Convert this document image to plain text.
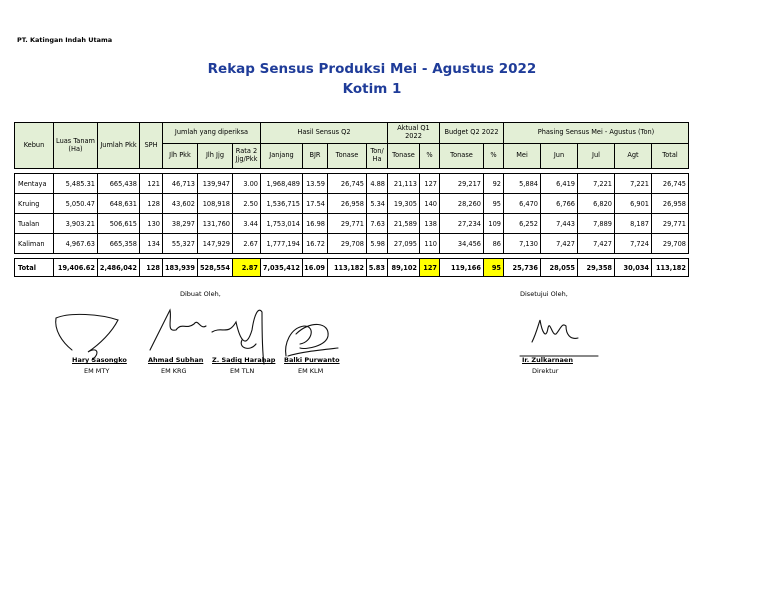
PT. Katingan Indah Utama
Rekap Sensus Produksi Mei - Agustus 2022
Kotim 1
Kebun	Luas Tanam (Ha)	Jumlah Pkk	SPH	Jumlah yang diperiksa			Hasil Sensus Q2				Aktual Q1 2022		Budget Q2 2022		Phasing Sensus Mei - Agustus (Ton)				
				Jlh Pkk	Jlh Jjg	Rata 2 Jjg/Pkk	Janjang	BJR	Tonase	Ton/ Ha	Tonase	%	Tonase	%	Mei	Jun	Jul	Agt	Total

Mentaya	5,485.31	665,438	121	46,713	139,947	3.00	1,968,489	13.59	26,745	4.88	21,113	127	29,217	92	5,884	6,419	7,221	7,221	26,745
Kruing	5,050.47	648,631	128	43,602	108,918	2.50	1,536,715	17.54	26,958	5.34	19,305	140	28,260	95	6,470	6,766	6,820	6,901	26,958
Tualan	3,903.21	506,615	130	38,297	131,760	3.44	1,753,014	16.98	29,771	7.63	21,589	138	27,234	109	6,252	7,443	7,889	8,187	29,771
Kaliman	4,967.63	665,358	134	55,327	147,929	2.67	1,777,194	16.72	29,708	5.98	27,095	110	34,456	86	7,130	7,427	7,427	7,724	29,708

Total	19,406.62	2,486,042	128	183,939	528,554	2.87	7,035,412	16.09	113,182	5.83	89,102	127	119,166	95	25,736	28,055	29,358	30,034	113,182
Dibuat Oleh,	Disetujui Oleh,
Hary Sasongko
EM MTY
Ahmad Subhan
EM KRG
Z. Sadiq Harahap
EM TLN
Balki Purwanto
EM KLM
Ir. Zulkarnaen
Direktur
